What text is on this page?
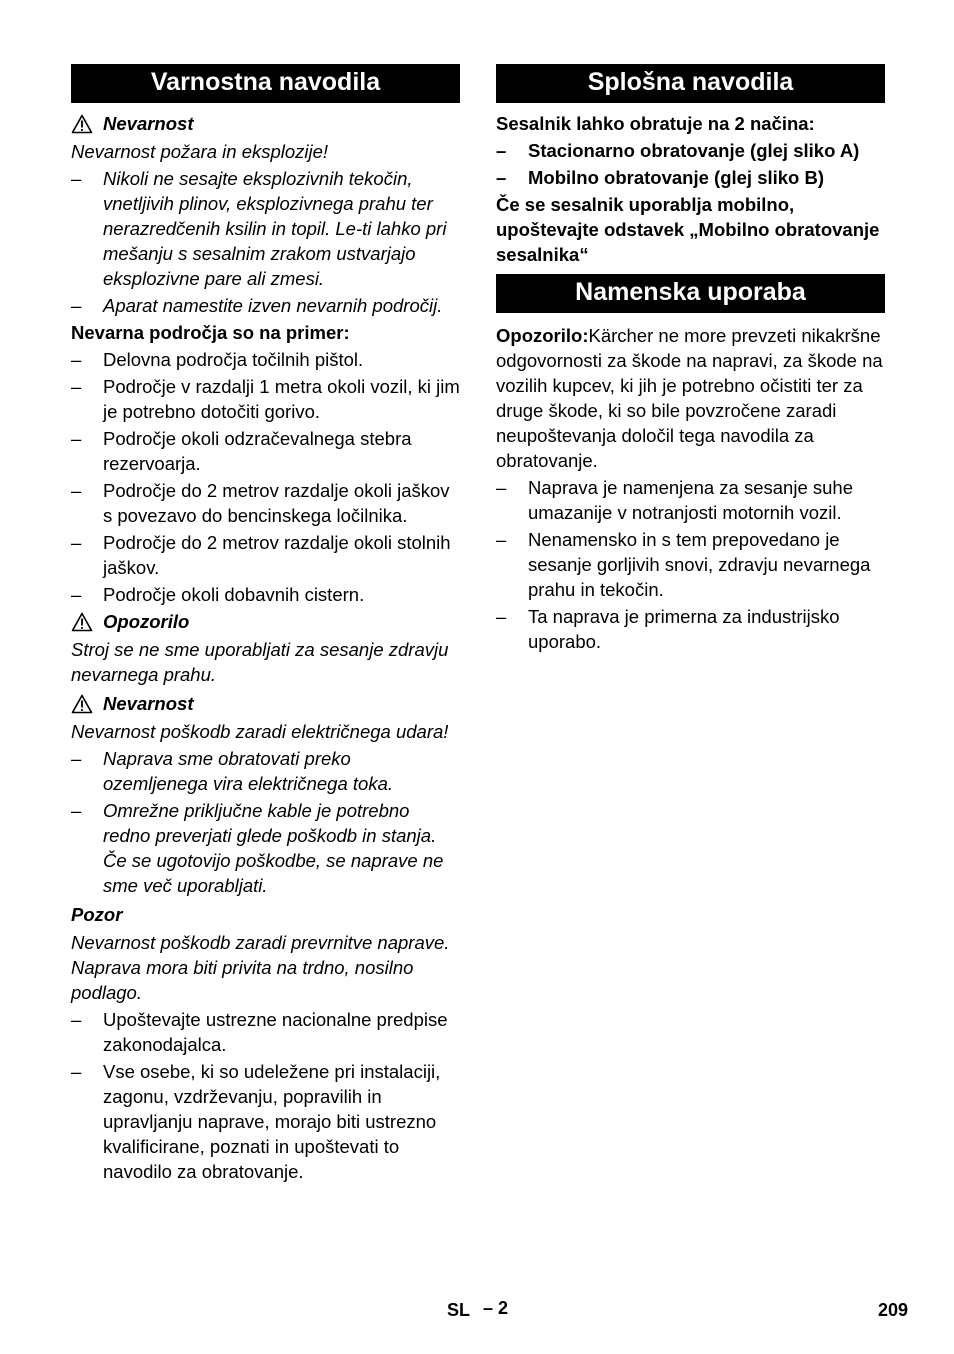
Varnostna navodila
Nevarnost

Nevarnost požara in eksplozije!

– Nikoli ne sesajte eksplozivnih tekočin, vnetljivih plinov, eksplozivnega prahu ter nerazredčenih ksilin in topil. Le-ti lahko pri mešanju s sesalnim zrakom ustvarjajo eksplozivne pare ali zmesi.
– Aparat namestite izven nevarnih področij.

Nevarna področja so na primer:

– Delovna področja točilnih pištol.
– Področje v razdalji 1 metra okoli vozil, ki jim je potrebno dotočiti gorivo.
– Področje okoli odzračevalnega stebra rezervoarja.
– Področje do 2 metrov razdalje okoli jaškov s povezavo do bencinskega ločilnika.
– Področje do 2 metrov razdalje okoli stolnih jaškov.
– Področje okoli dobavnih cistern.
Opozorilo

Stroj se ne sme uporabljati za sesanje zdravju nevarnega prahu.

Nevarnost

Nevarnost poškodb zaradi električnega udara!

– Naprava sme obratovati preko ozemljenega vira električnega toka.
– Omrežne priključne kable je potrebno redno preverjati glede poškodb in stanja. Če se ugotovijo poškodbe, se naprave ne sme več uporabljati.
Pozor

Nevarnost poškodb zaradi prevrnitve naprave. Naprava mora biti privita na trdno, nosilno podlago.

– Upoštevajte ustrezne nacionalne predpise zakonodajalca.
– Vse osebe, ki so udeležene pri instalaciji, zagonu, vzdrževanju, popravilih in upravljanju naprave, morajo biti ustrezno kvalificirane, poznati in upoštevati to navodilo za obratovanje.
Splošna navodila

Sesalnik lahko obratuje na 2 načina:

– Stacionarno obratovanje (glej sliko A)
– Mobilno obratovanje (glej sliko B)

Če se sesalnik uporablja mobilno, upoštevajte odstavek „Mobilno obratovanje sesalnika“

Namenska uporaba

Opozorilo:Kärcher ne more prevzeti nikakršne odgovornosti za škode na napravi, za škode na vozilih kupcev, ki jih je potrebno očistiti ter za druge škode, ki so bile povzročene zaradi neupoštevanja določil tega navodila za obratovanje.

– Naprava je namenjena za sesanje suhe umazanije v notranjosti motornih vozil.
– Nenamensko in s tem prepovedano je sesanje gorljivih snovi, zdravju nevarnega prahu in tekočin.
– Ta naprava je primerna za industrijsko uporabo.
SL – 2	209
